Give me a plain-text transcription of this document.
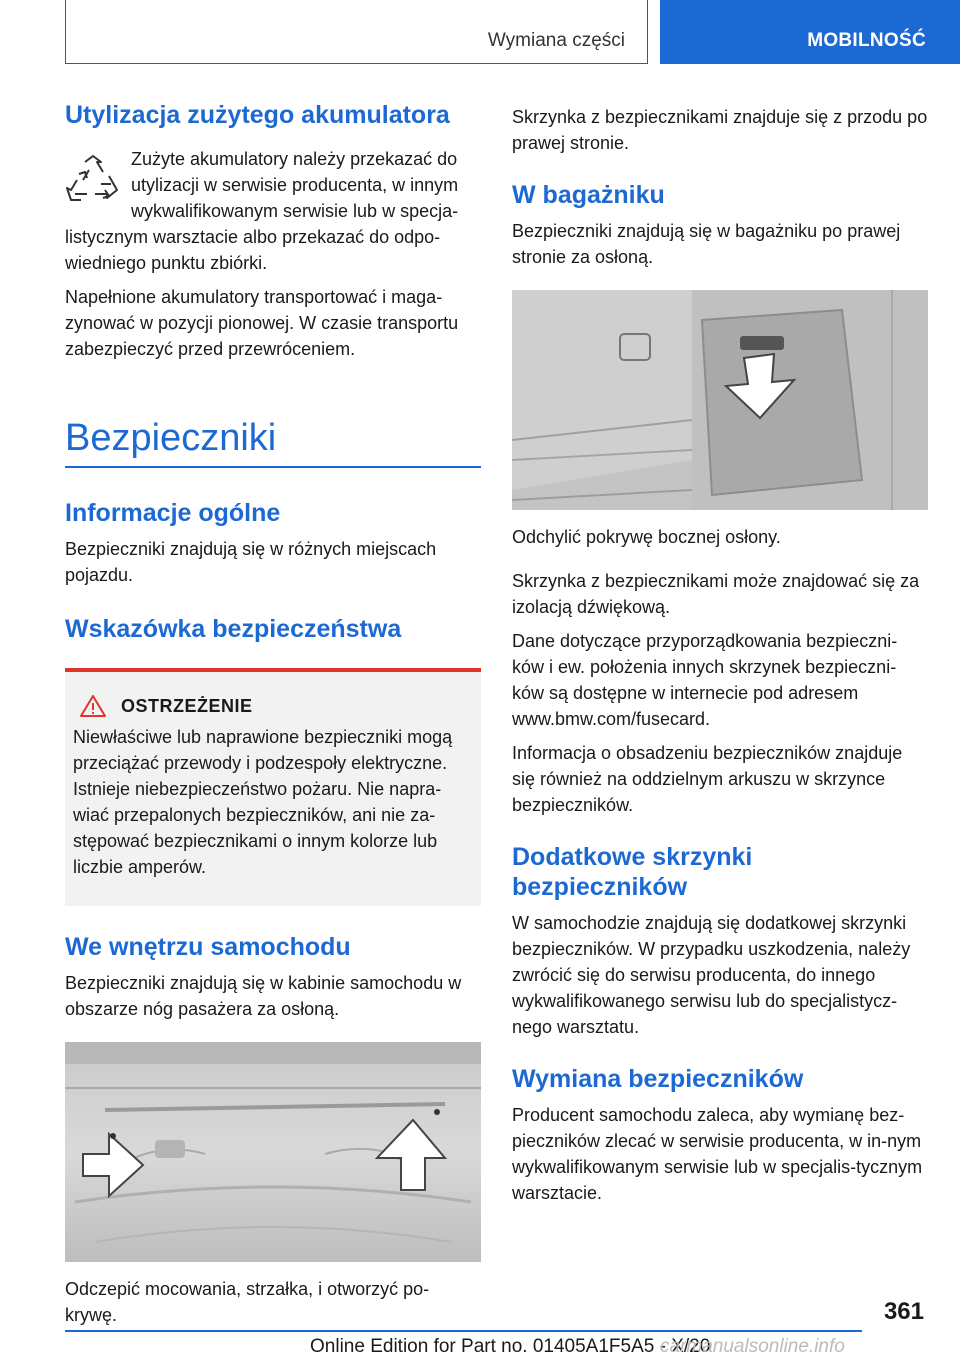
Wymiana części	MOBILNOŚĆ
Utylizacja zużytego akumulatora

Zużyte akumulatory należy przekazać do utylizacji w serwisie producenta, w innym wykwalifikowanym serwisie lub w specja-listycznym warsztacie albo przekazać do odpo-wiedniego punktu zbiórki.

Napełnione akumulatory transportować i maga-zynować w pozycji pionowej. W czasie transportu zabezpieczyć przed przewróceniem.

Bezpieczniki
Informacje ogólne

Bezpieczniki znajdują się w różnych miejscach pojazdu.

Wskazówka bezpieczeństwa
OSTRZEŻENIE

Niewłaściwe lub naprawione bezpieczniki mogą przeciążać przewody i podzespoły elektryczne. Istnieje niebezpieczeństwo pożaru. Nie napra-wiać przepalonych bezpieczników, ani nie za-stępować bezpiecznikami o innym kolorze lub liczbie amperów.

We wnętrzu samochodu

Bezpieczniki znajdują się w kabinie samochodu w obszarze nóg pasażera za osłoną.

Odczepić mocowania, strzałka, i otworzyć po-krywę.

Skrzynka z bezpiecznikami znajduje się z przodu po prawej stronie.

W bagażniku

Bezpieczniki znajdują się w bagażniku po prawej stronie za osłoną.

Odchylić pokrywę bocznej osłony.

Skrzynka z bezpiecznikami może znajdować się za izolacją dźwiękową.

Dane dotyczące przyporządkowania bezpieczni-ków i ew. położenia innych skrzynek bezpieczni-ków są dostępne w internecie pod adresem www.bmw.com/fusecard.

Informacja o obsadzeniu bezpieczników znajduje się również na oddzielnym arkuszu w skrzynce bezpieczników.

Dodatkowe skrzynki bezpieczników

W samochodzie znajdują się dodatkowej skrzynki bezpieczników. W przypadku uszkodzenia, należy zwrócić się do serwisu producenta, do innego wykwalifikowanego serwisu lub do specjalistycz-nego warsztatu.

Wymiana bezpieczników

Producent samochodu zaleca, aby wymianę bez-pieczników zlecać w serwisie producenta, w in-nym wykwalifikowanym serwisie lub w specjalis-tycznym warsztacie.

361
Online Edition for Part no. 01405A1F5A5 - X/20
carmanualsonline.info
